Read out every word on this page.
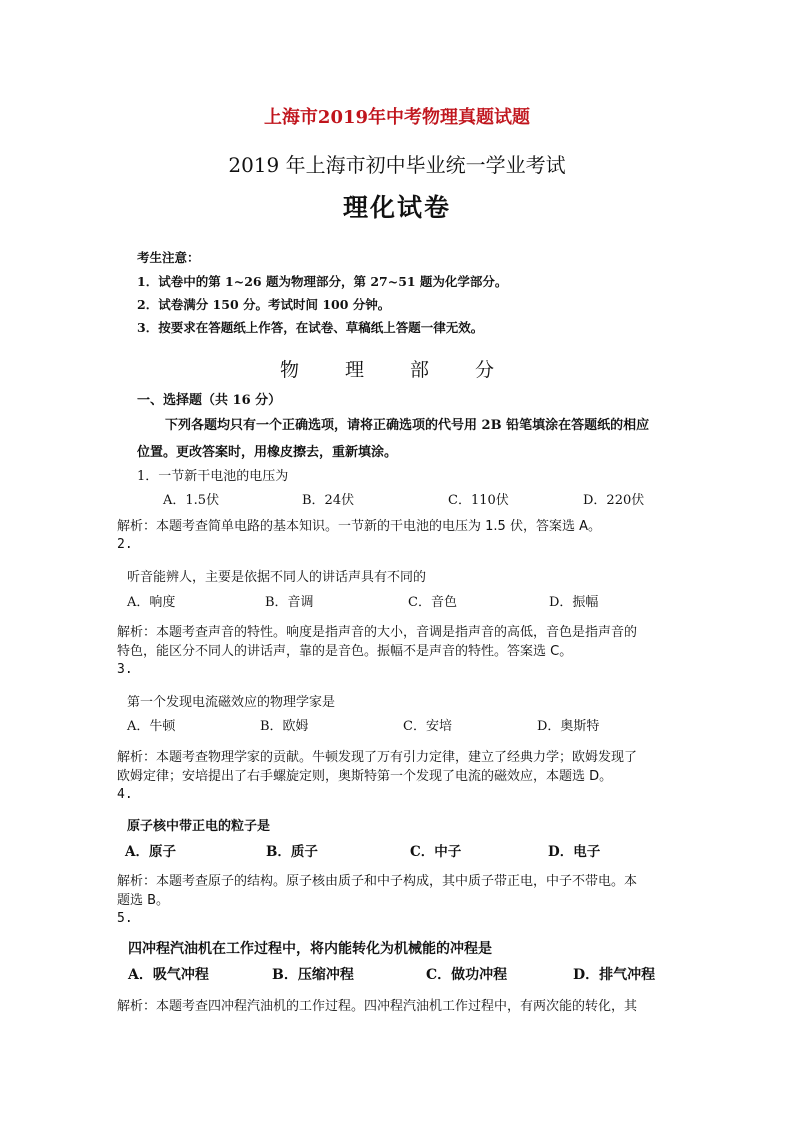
上海市2019年中考物理真题试题
2019 年上海市初中毕业统一学业考试
理化试卷
考生注意：
1．试卷中的第 1~26 题为物理部分，第 27~51 题为化学部分。
2．试卷满分 150 分。考试时间 100 分钟。
3．按要求在答题纸上作答，在试卷、草稿纸上答题一律无效。
物 理 部 分
一、选择题（共 16 分）
下列各题均只有一个正确选项，请将正确选项的代号用 2B 铅笔填涂在答题纸的相应
位置。更改答案时，用橡皮擦去，重新填涂。
1．一节新干电池的电压为
A．1.5伏	B．24伏	C．110伏	D．220伏
解析：本题考查简单电路的基本知识。一节新的干电池的电压为 1.5 伏，答案选 A。
2.
听音能辨人，主要是依据不同人的讲话声具有不同的
A．响度	B．音调	C．音色	D．振幅
解析：本题考查声音的特性。响度是指声音的大小，音调是指声音的高低，音色是指声音的
特色，能区分不同人的讲话声，靠的是音色。振幅不是声音的特性。答案选 C。
3.
第一个发现电流磁效应的物理学家是
A．牛顿	B．欧姆	C．安培	D．奥斯特
解析：本题考查物理学家的贡献。牛顿发现了万有引力定律，建立了经典力学；欧姆发现了
欧姆定律；安培提出了右手螺旋定则，奥斯特第一个发现了电流的磁效应，本题选 D。
4.
原子核中带正电的粒子是
A．原子	B．质子	C．中子	D．电子
解析：本题考查原子的结构。原子核由质子和中子构成，其中质子带正电，中子不带电。本
题选 B。
5.
四冲程汽油机在工作过程中，将内能转化为机械能的冲程是
A．吸气冲程	B．压缩冲程	C．做功冲程	D．排气冲程
解析：本题考查四冲程汽油机的工作过程。四冲程汽油机工作过程中，有两次能的转化，其
